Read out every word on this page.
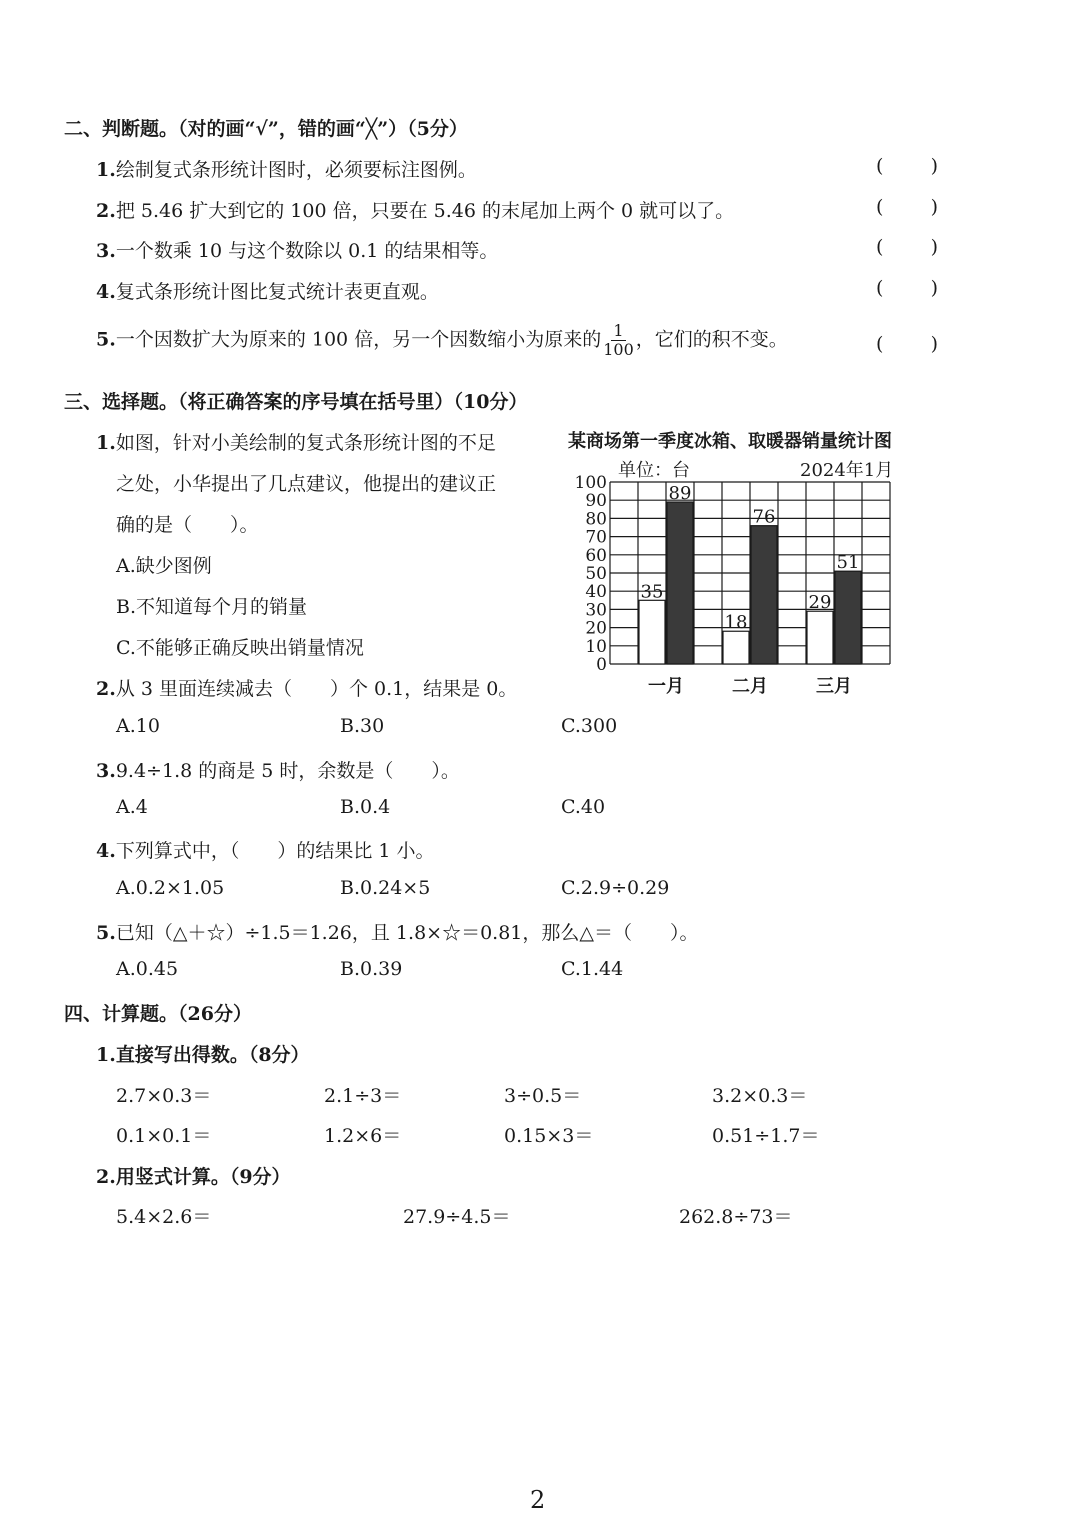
二、判断题。（对的画“√”，错的画“╳”）（5分）
1.绘制复式条形统计图时，必须要标注图例。	( )
2.把 5.46 扩大到它的 100 倍，只要在 5.46 的末尾加上两个 0 就可以了。	( )
3.一个数乘 10 与这个数除以 0.1 的结果相等。	( )
4.复式条形统计图比复式统计表更直观。	( )
5.一个因数扩大为原来的 100 倍，另一个因数缩小为原来的 $\frac{1}{100}$ ，它们的积不变。	( )
三、选择题。（将正确答案的序号填在括号里）（10分）
1.如图，针对小美绘制的复式条形统计图的不足
之处，小华提出了几点建议，他提出的建议正
确的是（　　）。
A.缺少图例
B.不知道每个月的销量
C.不能够正确反映出销量情况
某商场第一季度冰箱、取暖器销量统计图
单位：台	2024年1月
0
10
20
30
40
50
60
70
80
90
100
35
89
一月
18
76
二月
29
51
三月
2.从 3 里面连续减去（　　）个 0.1，结果是 0。
A.10	B.30	C.300
3.9.4÷1.8 的商是 5 时，余数是（　　）。
A.4	B.0.4	C.40
4.下列算式中，（　　）的结果比 1 小。
A.0.2×1.05	B.0.24×5	C.2.9÷0.29
5.已知（△＋☆）÷1.5＝1.26，且 1.8×☆＝0.81，那么△＝（　　）。
A.0.45	B.0.39	C.1.44
四、计算题。（26分）
1.直接写出得数。（8分）
2.7×0.3＝	2.1÷3＝	3÷0.5＝	3.2×0.3＝
0.1×0.1＝	1.2×6＝	0.15×3＝	0.51÷1.7＝
2.用竖式计算。（9分）
5.4×2.6＝	27.9÷4.5＝	262.8÷73＝
2
